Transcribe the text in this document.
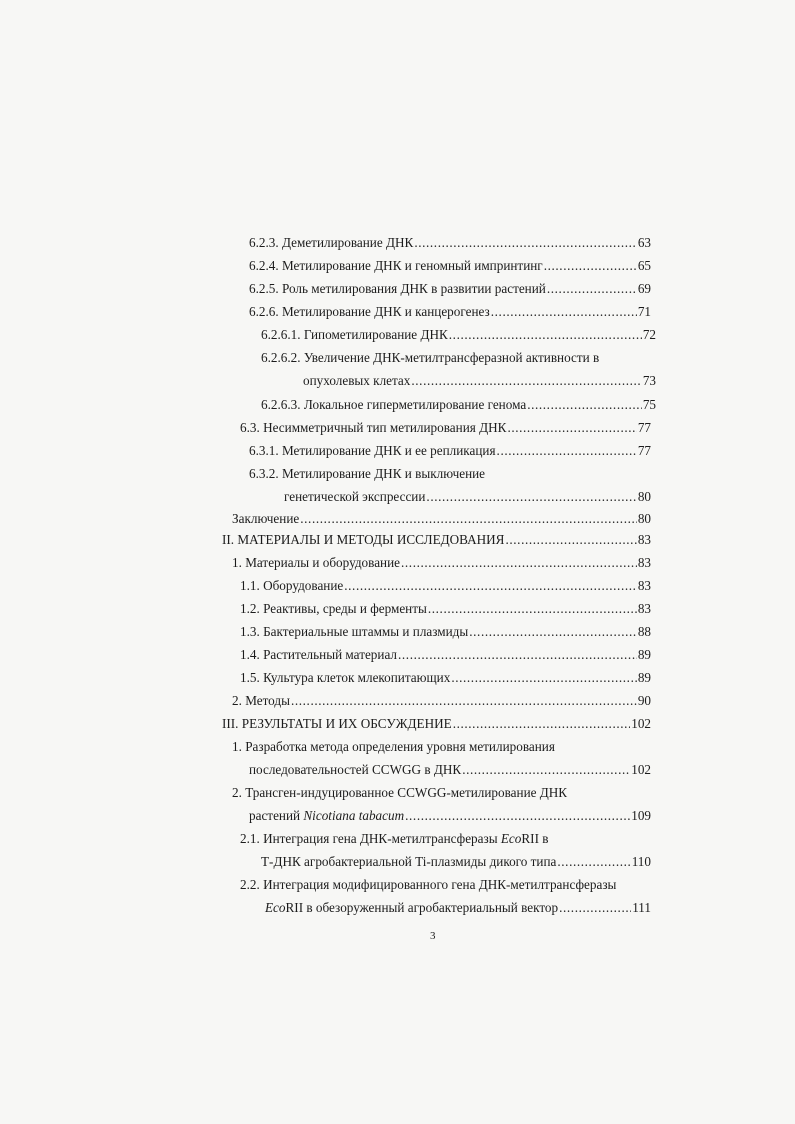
6.2.3. Деметилирование ДНК .....	63
6.2.4. Метилирование ДНК и геномный импринтинг .....	65
6.2.5. Роль метилирования ДНК в развитии растений .....	69
6.2.6. Метилирование ДНК и канцерогенез .....	71
6.2.6.1. Гипометилирование ДНК .....	72
6.2.6.2. Увеличение ДНК-метилтрансферазной активности в
опухолевых клетах .....	73
6.2.6.3. Локальное гиперметилирование генома .....	75
6.3. Несимметричный тип метилирования ДНК .....	77
6.3.1. Метилирование ДНК и ее репликация .....	77
6.3.2. Метилирование ДНК и выключение
генетической экспрессии .....	80
Заключение .....	80
II. МАТЕРИАЛЫ И МЕТОДЫ ИССЛЕДОВАНИЯ .....	83
1. Материалы и оборудование .....	83
1.1. Оборудование .....	83
1.2. Реактивы, среды и ферменты .....	83
1.3. Бактериальные штаммы и плазмиды .....	88
1.4. Растительный материал .....	89
1.5. Культура клеток млекопитающих .....	89
2. Методы .....	90
III. РЕЗУЛЬТАТЫ И ИХ ОБСУЖДЕНИЕ .....	102
1. Разработка метода определения уровня метилирования
последовательностей CCWGG в ДНК .....	102
2. Трансген-индуцированное CCWGG-метилирование ДНК
растений Nicotiana tabacum .....	109
2.1. Интеграция гена ДНК-метилтрансферазы EcoRII в
Т-ДНК агробактериальной Ti-плазмиды дикого типа .....	110
2.2. Интеграция модифицированного гена ДНК-метилтрансферазы
EcoRII в обезоруженный агробактериальный вектор .....	111
3
